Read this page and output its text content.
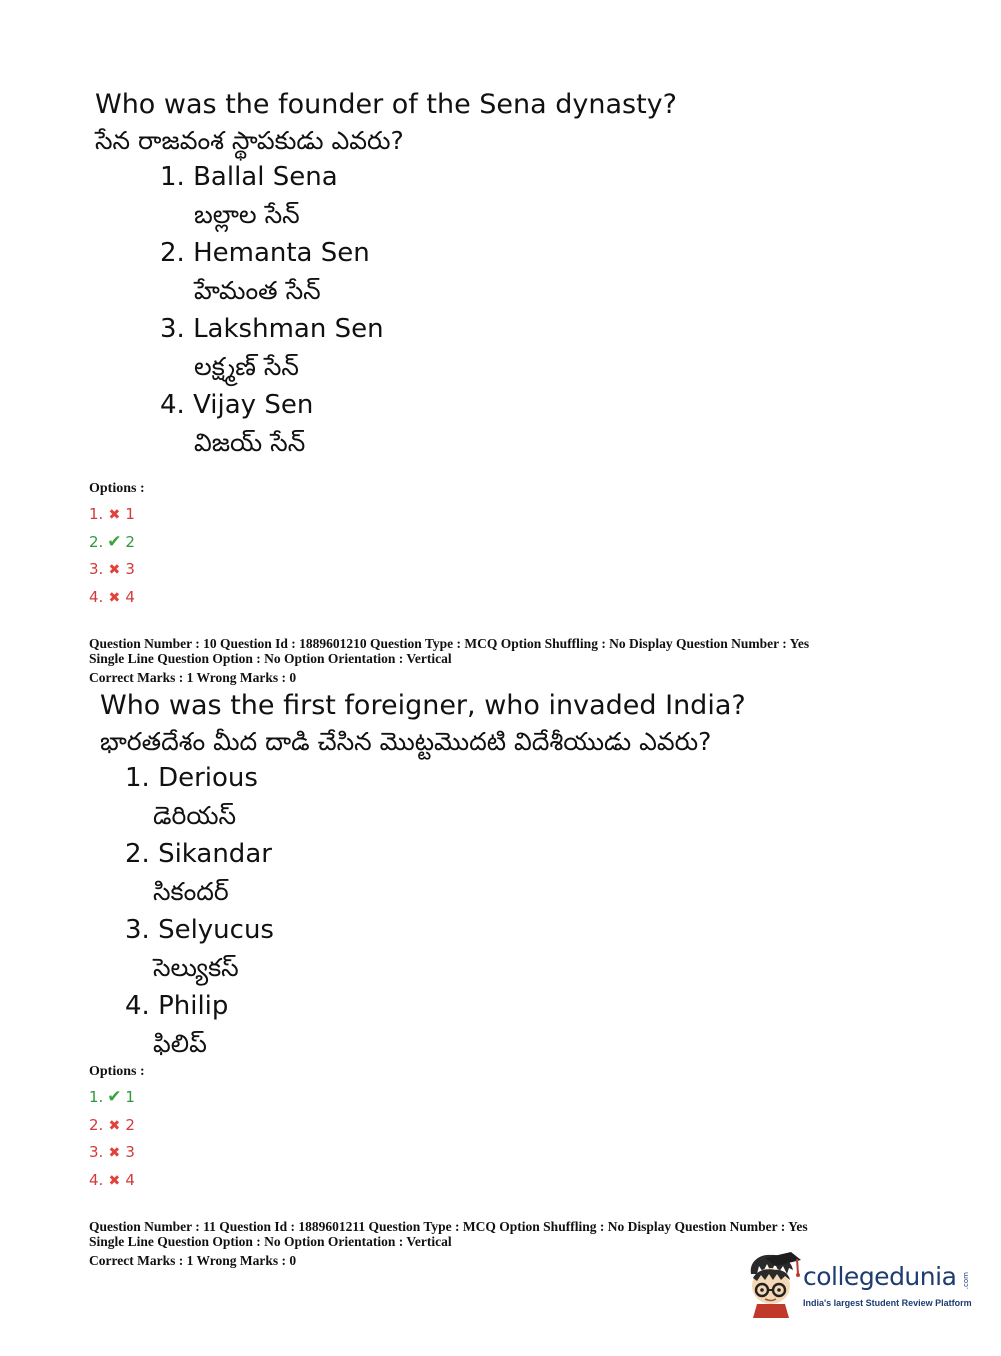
Who was the founder of the Sena dynasty?
సేన రాజవంశ స్థాపకుడు ఎవరు?
1. Ballal Sena
బల్లాల సేన్
2. Hemanta Sen
హేమంత సేన్
3. Lakshman Sen
లక్ష్మణ్ సేన్
4. Vijay Sen
విజయ్ సేన్
Options :
1. ✖ 1
2. ✔ 2
3. ✖ 3
4. ✖ 4
Question Number : 10 Question Id : 1889601210 Question Type : MCQ Option Shuffling : No Display Question Number : Yes
Single Line Question Option : No Option Orientation : Vertical
Correct Marks : 1 Wrong Marks : 0
Who was the first foreigner, who invaded India?
భారతదేశం మీద దాడి చేసిన మొట్టమొదటి విదేశీయుడు ఎవరు?
1. Derious
డెరియస్
2. Sikandar
సికందర్
3. Selyucus
సెల్యుకస్
4. Philip
ఫిలిప్
Options :
1. ✔ 1
2. ✖ 2
3. ✖ 3
4. ✖ 4
Question Number : 11 Question Id : 1889601211 Question Type : MCQ Option Shuffling : No Display Question Number : Yes
Single Line Question Option : No Option Orientation : Vertical
Correct Marks : 1 Wrong Marks : 0
collegedunia .com
India's largest Student Review Platform
